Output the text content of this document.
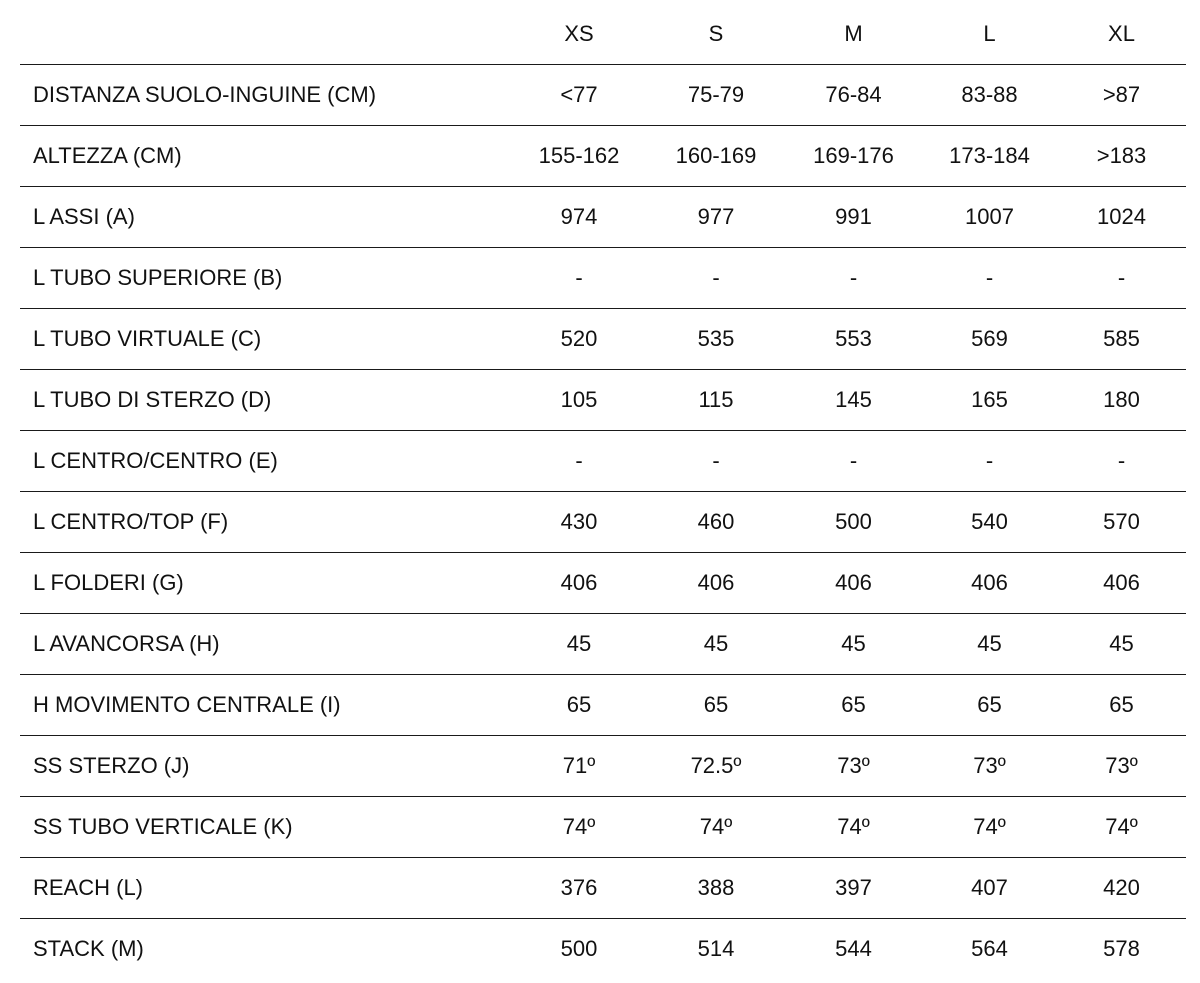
	XS	S	M	L	XL
DISTANZA SUOLO-INGUINE (CM)	<77	75-79	76-84	83-88	>87
ALTEZZA (CM)	155-162	160-169	169-176	173-184	>183
L ASSI (A)	974	977	991	1007	1024
L TUBO SUPERIORE (B)	-	-	-	-	-
L TUBO VIRTUALE (C)	520	535	553	569	585
L TUBO DI STERZO (D)	105	115	145	165	180
L CENTRO/CENTRO (E)	-	-	-	-	-
L CENTRO/TOP (F)	430	460	500	540	570
L FOLDERI (G)	406	406	406	406	406
L AVANCORSA (H)	45	45	45	45	45
H MOVIMENTO CENTRALE (I)	65	65	65	65	65
SS STERZO (J)	71º	72.5º	73º	73º	73º
SS TUBO VERTICALE (K)	74º	74º	74º	74º	74º
REACH (L)	376	388	397	407	420
STACK (M)	500	514	544	564	578
